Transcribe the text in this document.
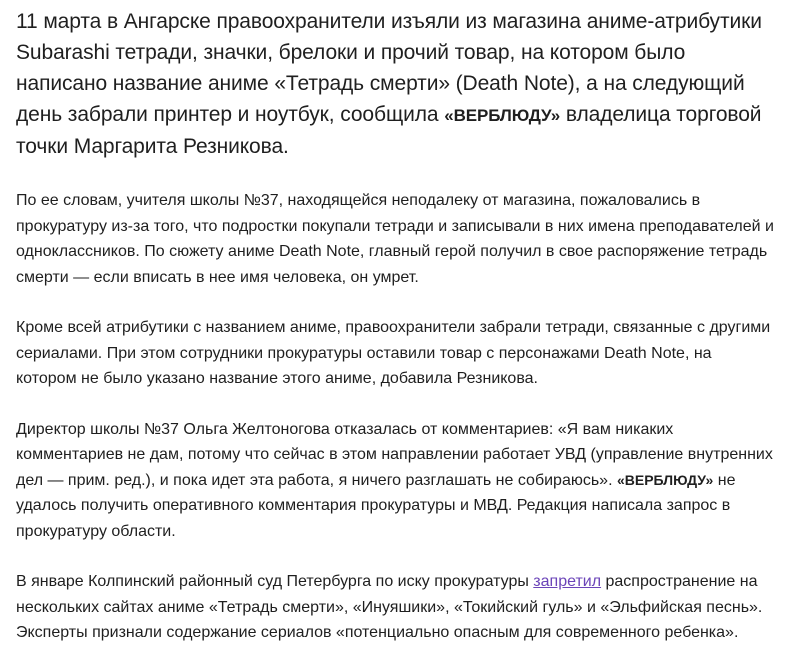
11 марта в Ангарске правоохранители изъяли из магазина аниме-атрибутики Subarashi тетради, значки, брелоки и прочий товар, на котором было написано название аниме «Тетрадь смерти» (Death Note), а на следующий день забрали принтер и ноутбук, сообщила «ВЕРБЛЮДУ» владелица торговой точки Маргарита Резникова.

По ее словам, учителя школы №37, находящейся неподалеку от магазина, пожаловались в прокуратуру из-за того, что подростки покупали тетради и записывали в них имена преподавателей и одноклассников. По сюжету аниме Death Note, главный герой получил в свое распоряжение тетрадь смерти — если вписать в нее имя человека, он умрет.

Кроме всей атрибутики с названием аниме, правоохранители забрали тетради, связанные с другими сериалами. При этом сотрудники прокуратуры оставили товар с персонажами Death Note, на котором не было указано название этого аниме, добавила Резникова.

Директор школы №37 Ольга Желтоногова отказалась от комментариев: «Я вам никаких комментариев не дам, потому что сейчас в этом направлении работает УВД (управление внутренних дел — прим. ред.), и пока идет эта работа, я ничего разглашать не собираюсь». «ВЕРБЛЮДУ» не удалось получить оперативного комментария прокуратуры и МВД. Редакция написала запрос в прокуратуру области.

В январе Колпинский районный суд Петербурга по иску прокуратуры запретил распространение на нескольких сайтах аниме «Тетрадь смерти», «Инуяшики», «Токийский гуль» и «Эльфийская песнь». Эксперты признали содержание сериалов «потенциально опасным для современного ребенка».
